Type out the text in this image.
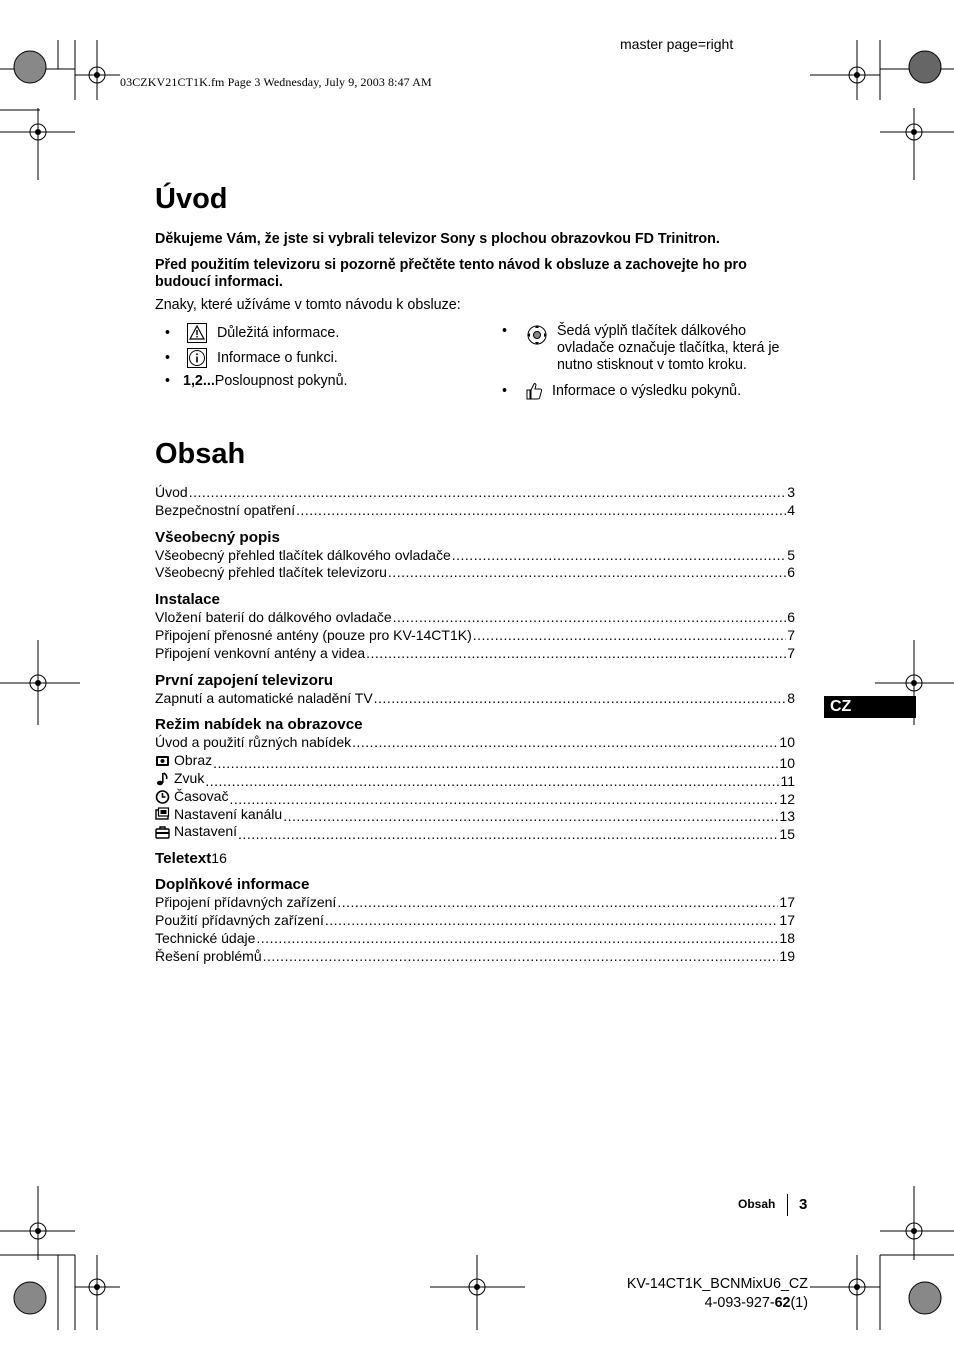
master page=right
03CZKV21CT1K.fm Page 3 Wednesday, July 9, 2003 8:47 AM
Úvod
Děkujeme Vám, že jste si vybrali televizor Sony s plochou obrazovkou FD Trinitron.
Před použitím televizoru si pozorně přečtěte tento návod k obsluze a zachovejte ho pro
budoucí informaci.
Znaky, které užíváme v tomto návodu k obsluze:
•	Důležitá informace.
•	Informace o funkci.
• 1,2...Posloupnost pokynů.
•	Šedá výplň tlačítek dálkového
ovladače označuje tlačítka, která je
nutno stisknout v tomto kroku.
•	Informace o výsledku pokynů.
Obsah
Úvod .....	3
Bezpečnostní opatření .....	4
Všeobecný popis
Všeobecný přehled tlačítek dálkového ovladače .....	5
Všeobecný přehled tlačítek televizoru .....	6
Instalace
Vložení baterií do dálkového ovladače .....	6
Připojení přenosné antény (pouze pro KV-14CT1K) .....	7
Připojení venkovní antény a videa .....	7
První zapojení televizoru
Zapnutí a automatické naladění TV .....	8
Režim nabídek na obrazovce
Úvod a použití různých nabídek .....	10
Obraz .....	10
Zvuk .....	11
Časovač .....	12
Nastavení kanálu .....	13
Nastavení .....	15
Teletext 16
Doplňkové informace
Připojení přídavných zařízení .....	17
Použití přídavných zařízení .....	17
Technické údaje .....	18
Řešení problémů .....	19
CZ
Obsah 3
KV-14CT1K_BCNMixU6_CZ
4-093-927-62(1)
